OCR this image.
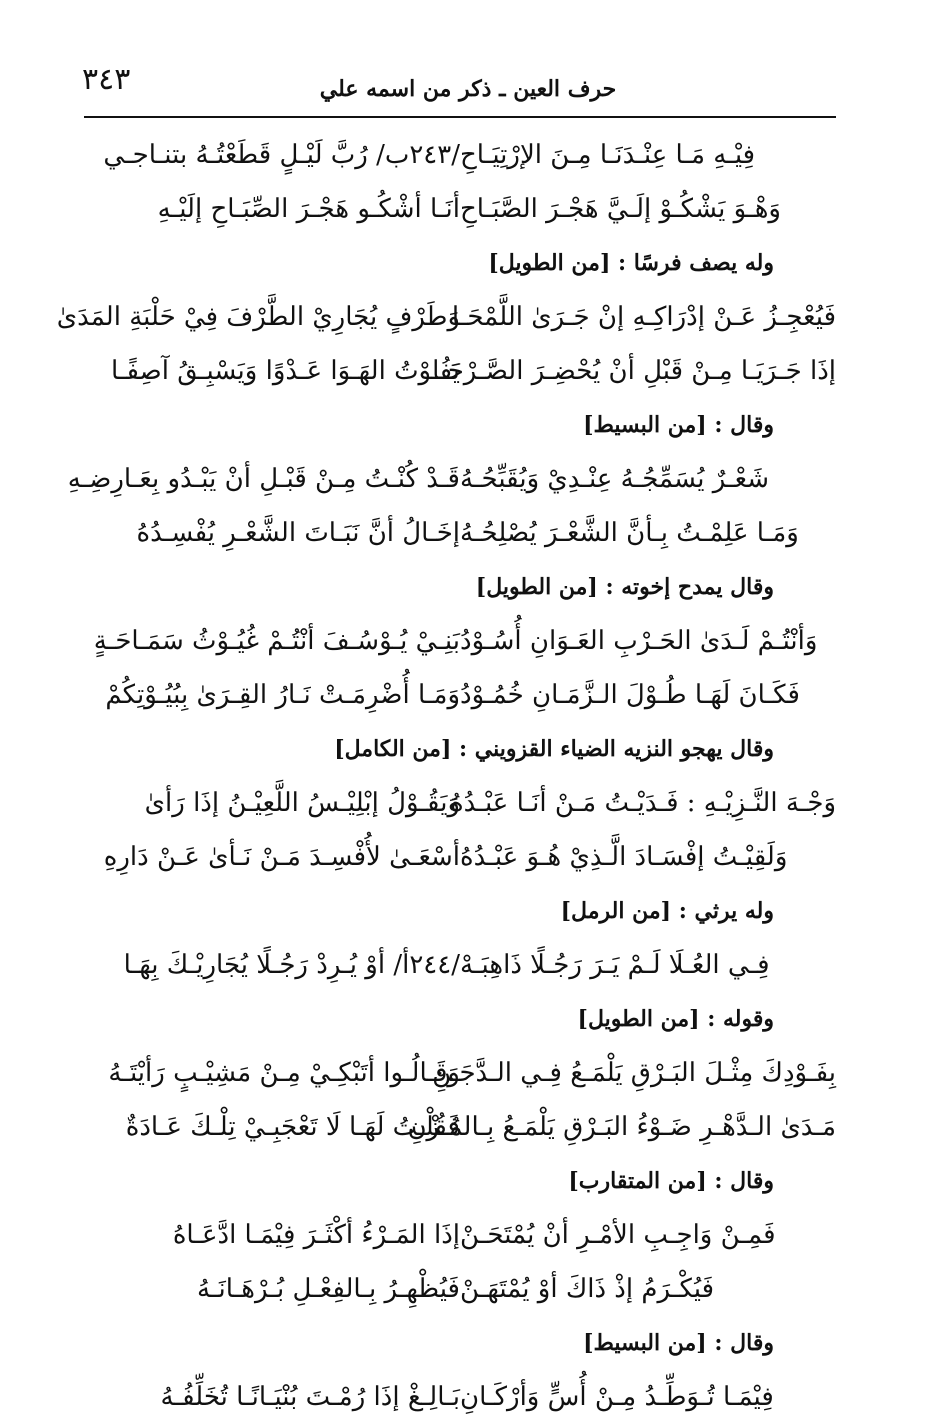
٣٤٣	حرف العين ـ ذكر من اسمه علي
/٢٤٣ب/ رُبَّ لَيْـلٍ قَطَعْتُـهُ بتنـاجـي فِيْـهِ مَـا عِنْـدَنَـا مِـنَ الإرْتِيَـاحِ
أنَـا أشْكُـو هَجْـرَ الصِّبَـاحِ إلَيْـهِ وَهْـوَ يَشْكُـوْ إلَـيَّ هَجْـرَ الصَّبَـاحِ
وله يصف فرسًا : [من الطويل]
وَطَرْفٍ يُجَارِيْ الطَّرْفَ فِيْ حَلْبَةِ المَدَىٰ
فَيُعْجِـزُ عَـنْ إدْرَاكِـهِ إنْ جَـرَىٰ اللَّمْحَـا
يَفُـوْتُ الهَـوَا عَـدْوًا وَيَسْبِـقُ آصِفًـا
إذَا جَـرَيَـا مِـنْ قَبْلِ أنْ يُحْضِـرَ الصَّـرْحَـا
وقال : [من البسيط]
قَـدْ كُنْـتُ مِـنْ قَبْـلِ أنْ يَبْـدُو بِعَـارِضِـهِ شَعْـرٌ يُسَمِّجُـهُ عِنْـدِيْ وَيُقَبِّحُـهُ
إخَـالُ أنَّ نَبَـاتَ الشَّعْـرِ يُفْسِـدُهُ وَمَـا عَلِمْـتُ بِـأنَّ الشَّعْـرَ يُصْلِحُـهُ
وقال يمدح إخوته : [من الطويل]
بَنِـيْ يُـوْسُـفَ أنْتُـمْ غُيُـوْثُ سَمَـاحَـةٍ وَأنْتُـمْ لَـدَىٰ الحَـرْبِ العَـوَانِ أُسُـوْدُ
وَمَـا أُضْرِمَـتْ نَـارُ القِـرَىٰ بِبُيُـوْتِكُمْ فَكَـانَ لَهَـا طُـوْلَ الـزَّمَـانِ خُمُـوْدُ
وقال يهجو النزيه الضياء القزويني : [من الكامل]
وَيَقُـوْلُ إبْلِيْـسُ اللَّعِيْـنُ إذَا رَأىٰ
وَجْـهَ النَّـزِيْـهِ : فَـدَيْـتُ مَـنْ أنَـا عَبْـدُهُ
أسْعَـىٰ لأُفْسِـدَ مَـنْ نَـأىٰ عَـنْ دَارِهِ وَلَقِيْـتُ إفْسَـادَ الَّـذِيْ هُـوَ عَبْـدُهُ
وله يرثي : [من الرمل]
/٢٤٤أ/ أوْ يُـرِدْ رَجُـلًا يُجَارِيْـكَ بِهَـا فِـي العُـلَا لَـمْ يَـرَ رَجُـلًا ذَاهِبَـهْ
وقوله : [من الطويل]
وَقَـالُـوا أتَبْكِـيْ مِـنْ مَشِيْـبٍ رَأيْتَـهُ
بِفَـوْدِكَ مِثْـلَ البَـرْقِ يَلْمَـعُ فِـي الـدَّجَـنِ
فَقُلْـتُ لَهَـا لَا تَعْجَبِـيْ تِلْـكَ عَـادَةٌ
مَـدَىٰ الـدَّهْـرِ ضَـوْءُ البَـرْقِ يَلْمَـعُ بِـالمُـزْنِ
وقال : [من المتقارب]
إذَا المَـرْءُ أكْثَـرَ فِيْمَـا ادَّعَـاهُ فَمِـنْ وَاجِـبِ الأمْـرِ أنْ يُمْتَحَـنْ
فَيُظْهِـرُ بِـالفِعْـلِ بُـرْهَـانَـهُ فَيُكْـرَمُ إذْ ذَاكَ أوْ يُمْتَهَـنْ
وقال : [من البسيط]
بَـالِـغْ إذَا رُمْـتَ بُنْيَـانًـا تُخَلِّفُـهُ فِيْمَـا تُـوَطِّـدُ مِـنْ أُسٍّ وَأرْكَـانِ
